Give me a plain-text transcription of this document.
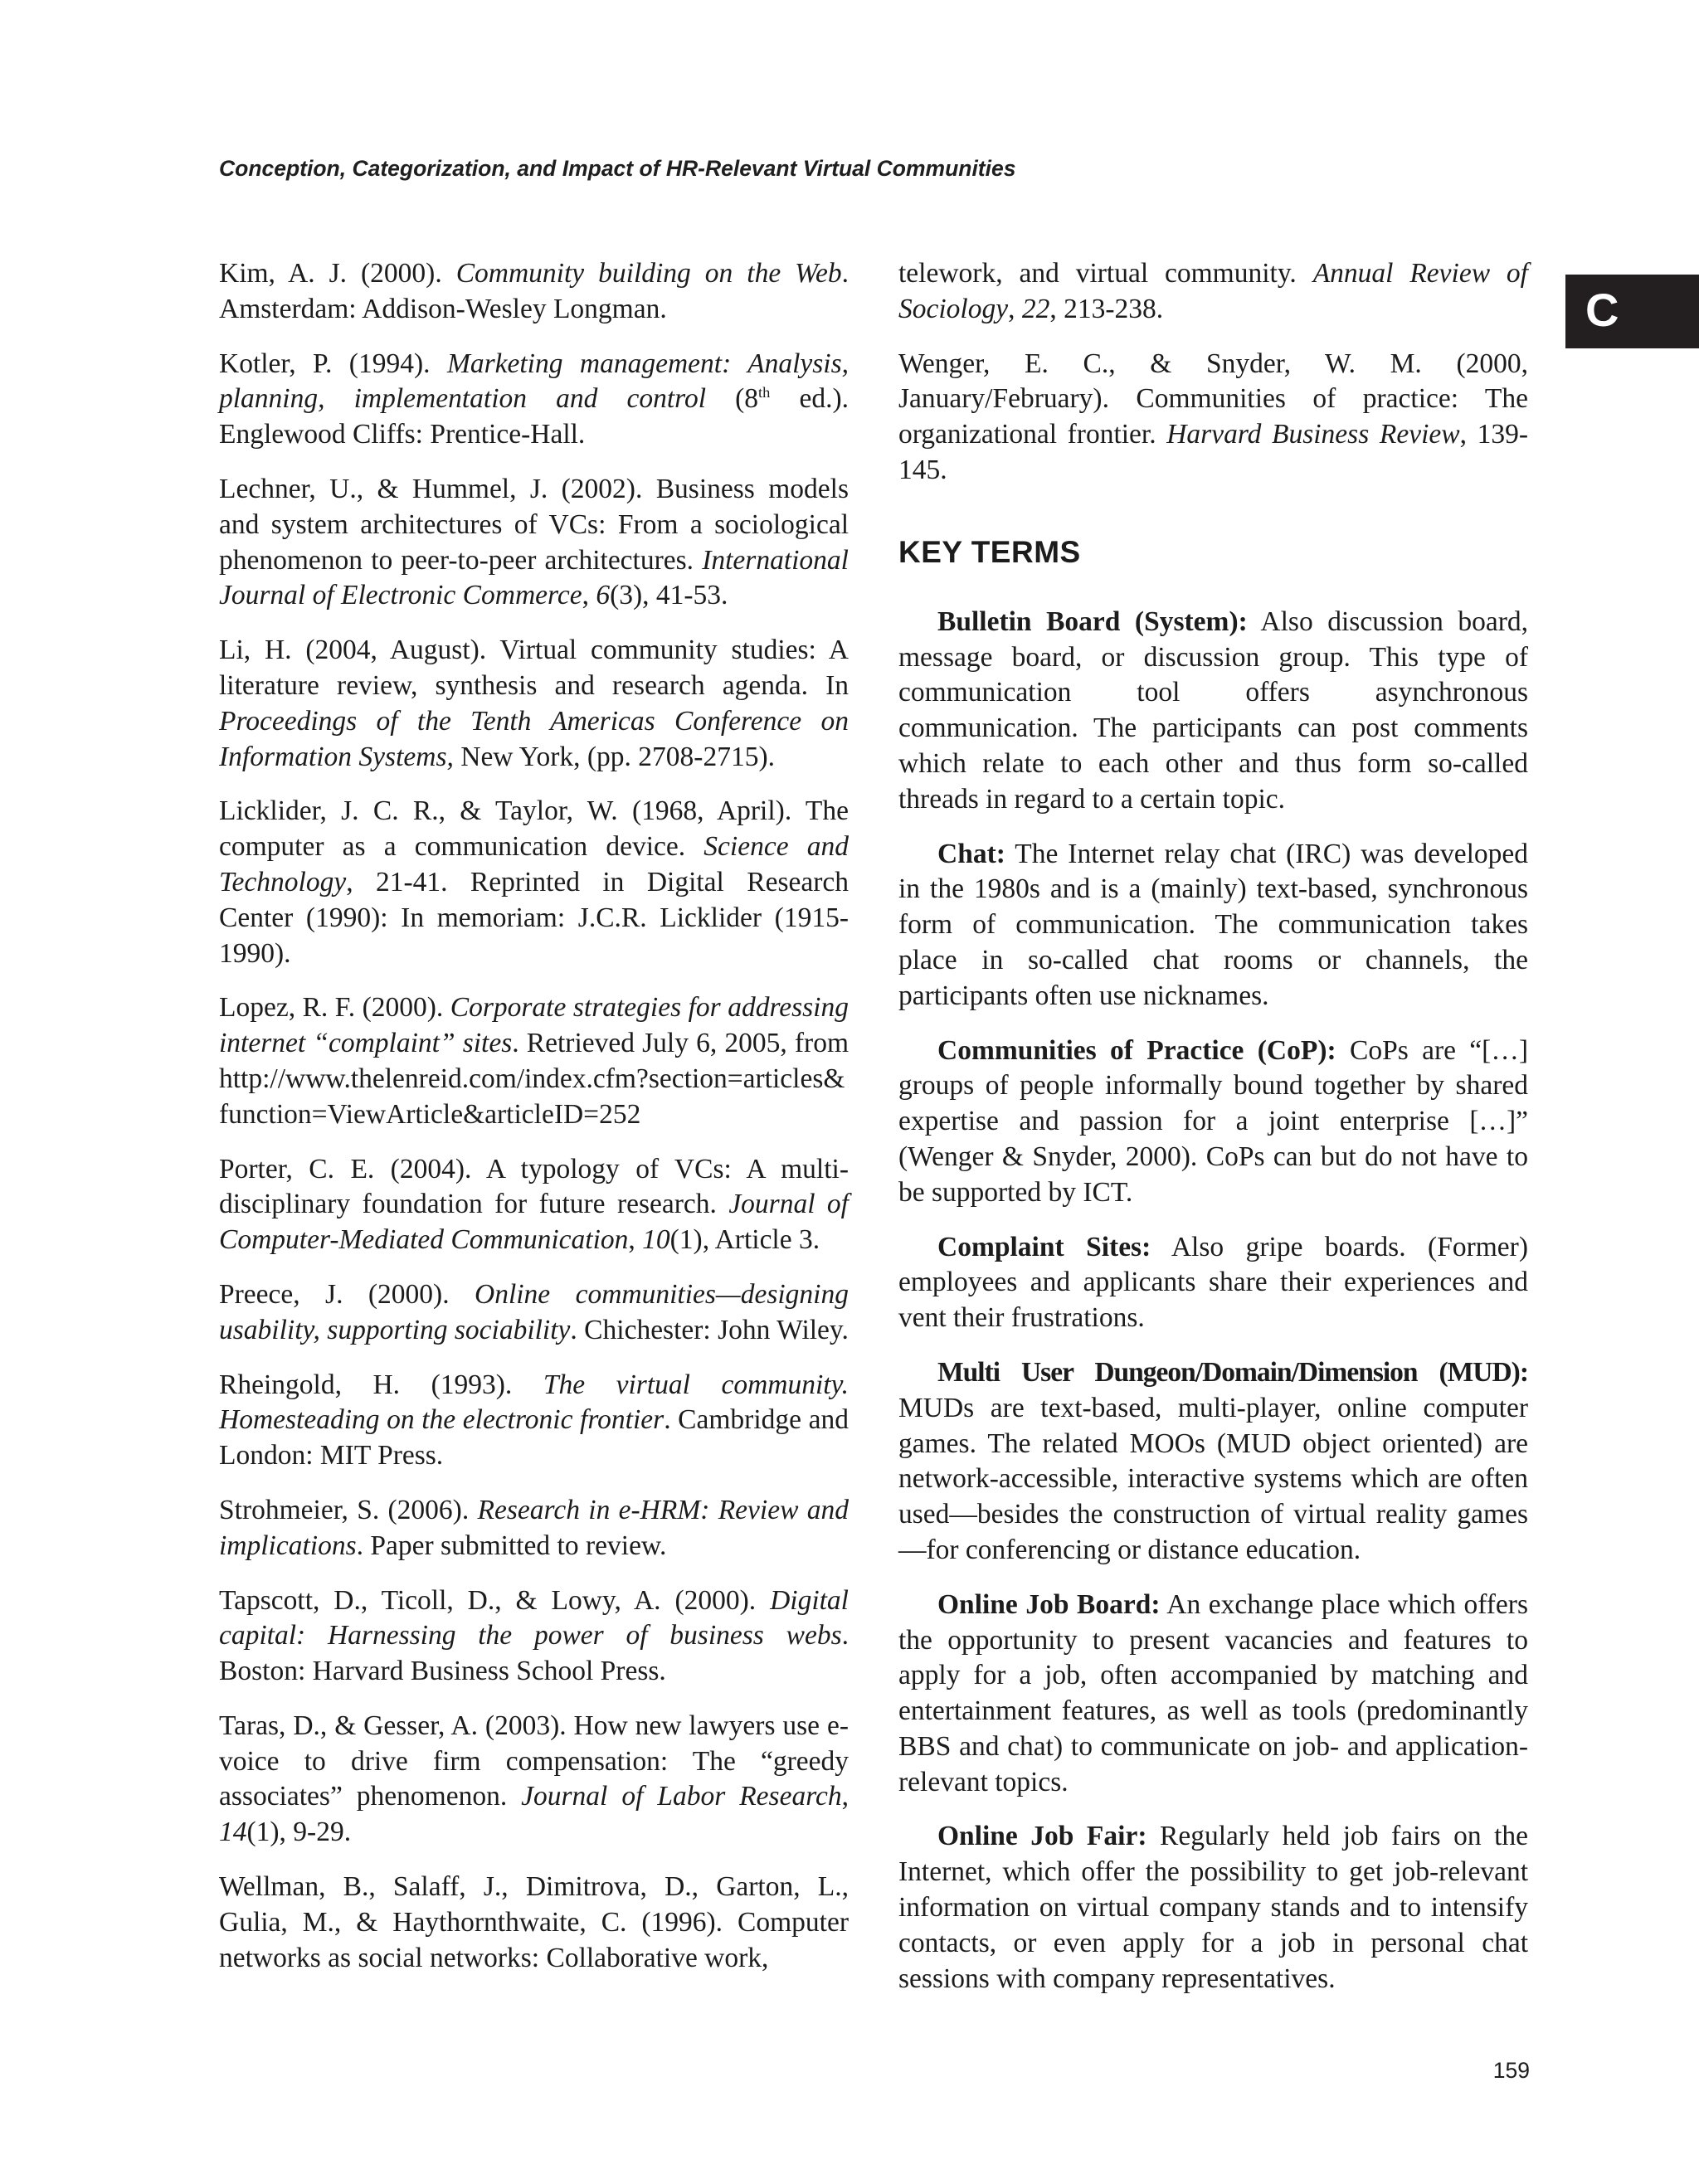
Conception, Categorization, and Impact of HR-Relevant Virtual Communities
C

Kim, A. J. (2000). Community building on the Web. Amsterdam: Addison-Wesley Longman.

Kotler, P. (1994). Marketing management: Analysis, planning, implementation and control (8th ed.). Englewood Cliffs: Prentice-Hall.

Lechner, U., & Hummel, J. (2002). Business models and system architectures of VCs: From a sociological phenomenon to peer-to-peer architectures. International Journal of Electronic Commerce, 6(3), 41-53.

Li, H. (2004, August). Virtual community studies: A literature review, synthesis and research agenda. In Proceedings of the Tenth Americas Conference on Information Systems, New York, (pp. 2708-2715).

Licklider, J. C. R., & Taylor, W. (1968, April). The computer as a communication device. Science and Technology, 21-41. Reprinted in Digital Research Center (1990): In memoriam: J.C.R. Licklider (1915-1990).

Lopez, R. F. (2000). Corporate strategies for addressing internet “complaint” sites. Retrieved July 6, 2005, from http://www.thelenreid.com/index.cfm?section=articles&function=ViewArticle&articleID=252

Porter, C. E. (2004). A typology of VCs: A multi-disciplinary foundation for future research. Journal of Computer-Mediated Communication, 10(1), Article 3.

Preece, J. (2000). Online communities—designing usability, supporting sociability. Chichester: John Wiley.

Rheingold, H. (1993). The virtual community. Homesteading on the electronic frontier. Cambridge and London: MIT Press.

Strohmeier, S. (2006). Research in e-HRM: Review and implications. Paper submitted to review.

Tapscott, D., Ticoll, D., & Lowy, A. (2000). Digital capital: Harnessing the power of business webs. Boston: Harvard Business School Press.

Taras, D., & Gesser, A. (2003). How new lawyers use e-voice to drive firm compensation: The “greedy associates” phenomenon. Journal of Labor Research, 14(1), 9-29.

Wellman, B., Salaff, J., Dimitrova, D., Garton, L., Gulia, M., & Haythornthwaite, C. (1996). Computer networks as social networks: Collaborative work,

telework, and virtual community. Annual Review of Sociology, 22, 213-238.

Wenger, E. C., & Snyder, W. M. (2000, January/February). Communities of practice: The organizational frontier. Harvard Business Review, 139-145.

KEY TERMS

Bulletin Board (System): Also discussion board, message board, or discussion group. This type of communication tool offers asynchronous communication. The participants can post comments which relate to each other and thus form so-called threads in regard to a certain topic.

Chat: The Internet relay chat (IRC) was developed in the 1980s and is a (mainly) text-based, synchronous form of communication. The communication takes place in so-called chat rooms or channels, the participants often use nicknames.

Communities of Practice (CoP): CoPs are “[…] groups of people informally bound together by shared expertise and passion for a joint enterprise […]” (Wenger & Snyder, 2000). CoPs can but do not have to be supported by ICT.

Complaint Sites: Also gripe boards. (Former) employees and applicants share their experiences and vent their frustrations.

Multi User Dungeon/Domain/Dimension (MUD): MUDs are text-based, multi-player, online computer games. The related MOOs (MUD object oriented) are network-accessible, interactive systems which are often used—besides the construction of virtual reality games—for conferencing or distance education.

Online Job Board: An exchange place which offers the opportunity to present vacancies and features to apply for a job, often accompanied by matching and entertainment features, as well as tools (predominantly BBS and chat) to communicate on job- and application-relevant topics.

Online Job Fair: Regularly held job fairs on the Internet, which offer the possibility to get job-relevant information on virtual company stands and to intensify contacts, or even apply for a job in personal chat sessions with company representatives.

159
